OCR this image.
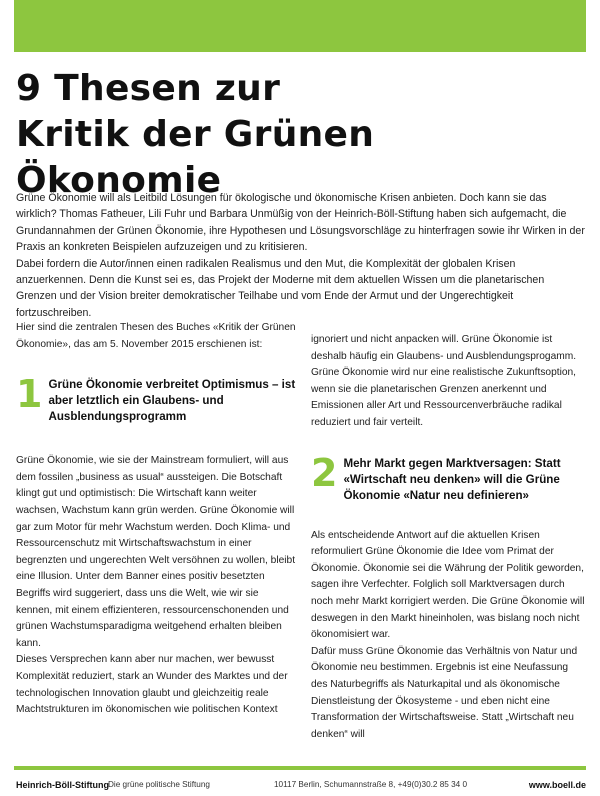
9 Thesen zur
Kritik der Grünen Ökonomie

Grüne Ökonomie will als Leitbild Lösungen für ökologische und ökonomische Krisen anbieten. Doch kann sie das wirklich? Thomas Fatheuer, Lili Fuhr und Barbara Unmüßig von der Heinrich-Böll-Stiftung haben sich aufgemacht, die Grundannahmen der Grünen Ökonomie, ihre Hypothesen und Lösungsvorschläge zu hinterfragen sowie ihr Wirken in der Praxis an konkreten Beispielen aufzuzeigen und zu kritisieren.

Dabei fordern die Autor/innen einen radikalen Realismus und den Mut, die Komplexität der globalen Krisen anzuerkennen. Denn die Kunst sei es, das Projekt der Moderne mit dem aktuellen Wissen um die planetarischen Grenzen und der Vision breiter demokratischer Teilhabe und vom Ende der Armut und der Ungerechtigkeit fortzuschreiben.

Hier sind die zentralen Thesen des Buches «Kritik der Grünen Ökonomie», das am 5. November 2015 erschienen ist:

1 Grüne Ökonomie verbreitet Optimismus – ist aber letztlich ein Glaubens- und Ausblendungsprogramm

Grüne Ökonomie, wie sie der Mainstream formuliert, will aus dem fossilen „business as usual“ aussteigen. Die Botschaft klingt gut und optimistisch: Die Wirtschaft kann weiter wachsen, Wachstum kann grün werden. Grüne Ökonomie will gar zum Motor für mehr Wachstum werden. Doch Klima- und Ressourcenschutz mit Wirtschaftswachstum in einer begrenzten und ungerechten Welt versöhnen zu wollen, bleibt eine Illusion. Unter dem Banner eines positiv besetzten Begriffs wird suggeriert, dass uns die Welt, wie wir sie kennen, mit einem effizienteren, ressourcenschonenden und grünen Wachstumsparadigma weitgehend erhalten bleiben kann.

Dieses Versprechen kann aber nur machen, wer bewusst Komplexität reduziert, stark an Wunder des Marktes und der technologischen Innovation glaubt und gleichzeitig reale Machtstrukturen im ökonomischen wie politischen Kontext

ignoriert und nicht anpacken will. Grüne Ökonomie ist deshalb häufig ein Glaubens- und Ausblendungsprogamm. Grüne Ökonomie wird nur eine realistische Zukunftsoption, wenn sie die planetarischen Grenzen anerkennt und Emissionen aller Art und Ressourcenverbräuche radikal reduziert und fair verteilt.

2 Mehr Markt gegen Marktversagen: Statt «Wirtschaft neu denken» will die Grüne Ökonomie «Natur neu definieren»

Als entscheidende Antwort auf die aktuellen Krisen reformuliert Grüne Ökonomie die Idee vom Primat der Ökonomie. Ökonomie sei die Währung der Politik geworden, sagen ihre Verfechter. Folglich soll Marktversagen durch noch mehr Markt korrigiert werden. Die Grüne Ökonomie will deswegen in den Markt hineinholen, was bislang noch nicht ökonomisiert war.

Dafür muss Grüne Ökonomie das Verhältnis von Natur und Ökonomie neu bestimmen. Ergebnis ist eine Neufassung des Naturbegriffs als Naturkapital und als ökonomische Dienstleistung der Ökosysteme - und eben nicht eine Transformation der Wirtschaftsweise. Statt „Wirtschaft neu denken“ will

Heinrich-Böll-Stiftung Die grüne politische Stiftung	10117 Berlin, Schumannstraße 8, +49(0)30.2 85 34 0	www.boell.de
